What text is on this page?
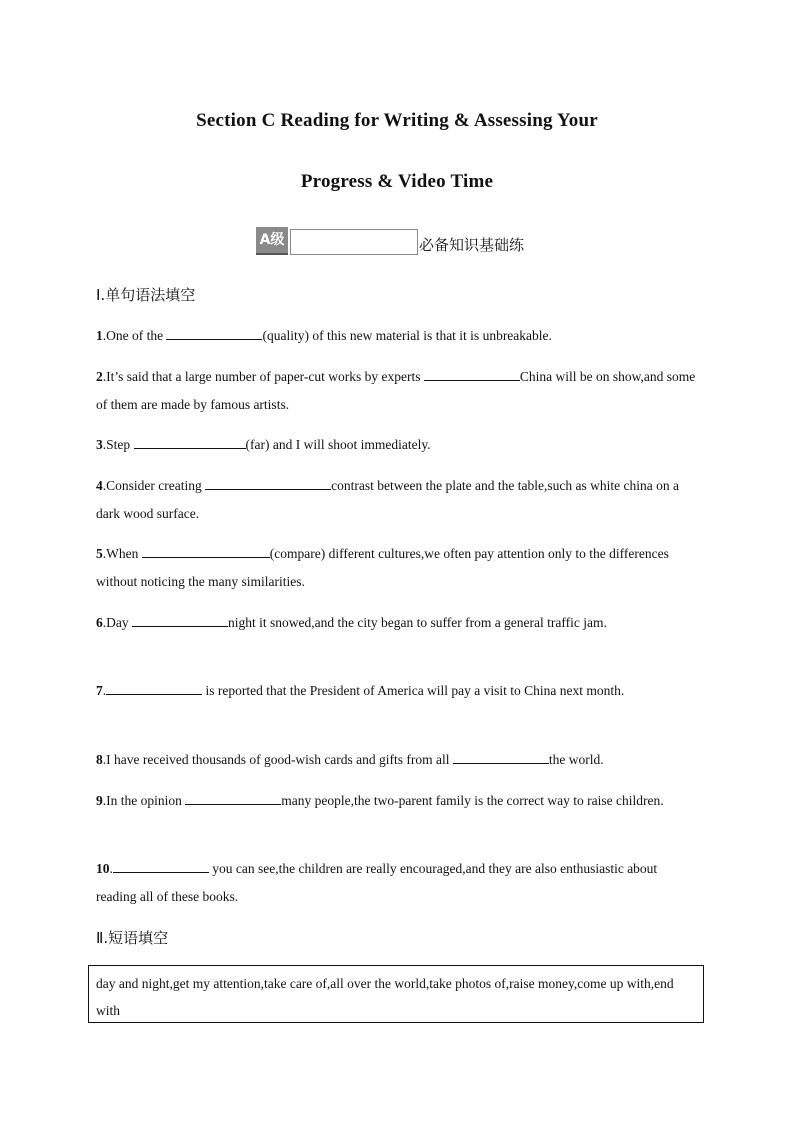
Section C Reading for Writing & Assessing Your
Progress & Video Time
A级	必备知识基础练
Ⅰ.单句语法填空
1.One of the	(quality) of this new material is that it is unbreakable.
2.It’s said that a large number of paper-cut works by experts	China will be on show,and some of them are made by famous artists.
3.Step	(far) and I will shoot immediately.
4.Consider creating	contrast between the plate and the table,such as white china on a dark wood surface.
5.When	(compare) different cultures,we often pay attention only to the differences without noticing the many similarities.
6.Day	night it snowed,and the city began to suffer from a general traffic jam.
7.	is reported that the President of America will pay a visit to China next month.
8.I have received thousands of good-wish cards and gifts from all	the world.
9.In the opinion	many people,the two-parent family is the correct way to raise children.
10.	you can see,the children are really encouraged,and they are also enthusiastic about reading all of these books.
Ⅱ.短语填空
day and night,get my attention,take care of,all over the world,take photos of,raise money,come up with,end with
